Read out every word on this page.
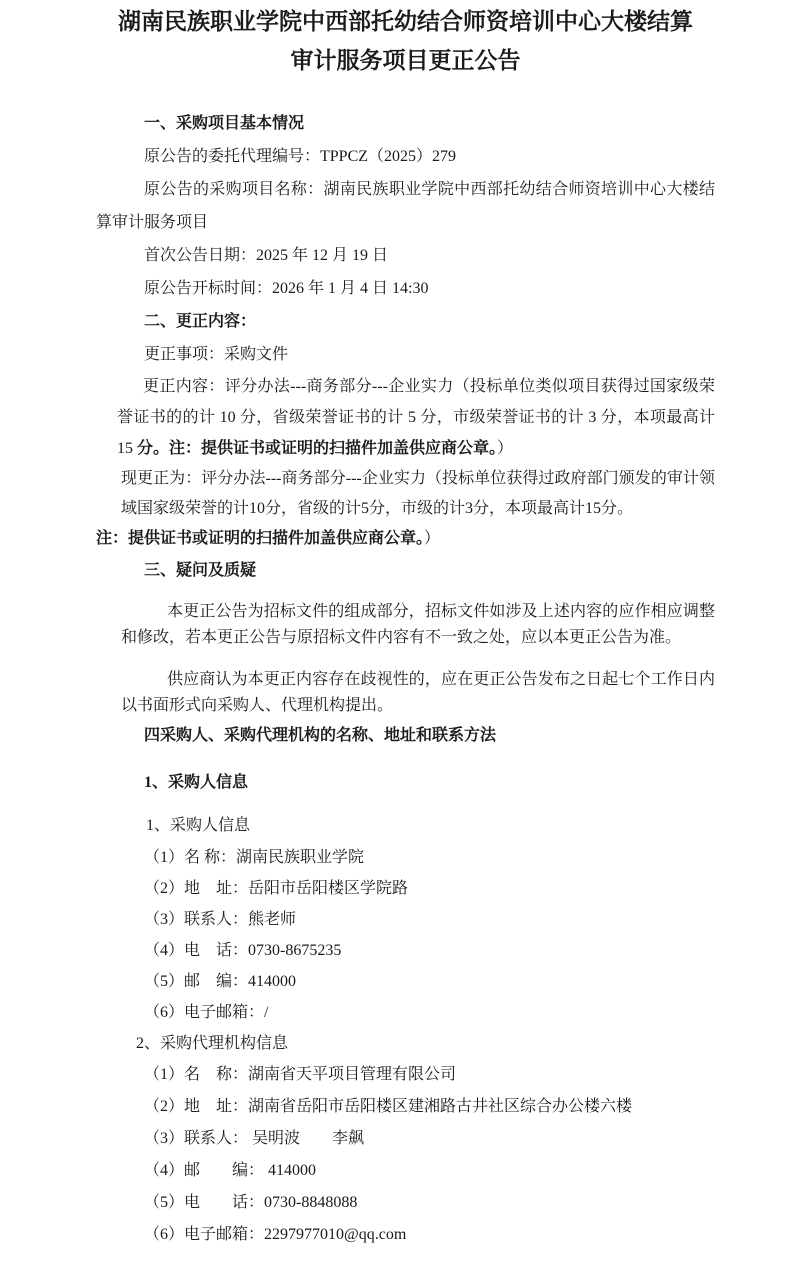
湖南民族职业学院中西部托幼结合师资培训中心大楼结算
审计服务项目更正公告

一、采购项目基本情况

原公告的委托代理编号：TPPCZ（2025）279

原公告的采购项目名称：湖南民族职业学院中西部托幼结合师资培训中心大楼结算审计服务项目

首次公告日期：2025 年 12 月 19 日

原公告开标时间：2026 年 1 月 4 日 14:30

二、更正内容：

更正事项：采购文件

更正内容：评分办法---商务部分---企业实力（投标单位类似项目获得过国家级荣誉证书的的计 10 分，省级荣誉证书的计 5 分，市级荣誉证书的计 3 分，本项最高计 15 分。注：提供证书或证明的扫描件加盖供应商公章。）

现更正为：评分办法---商务部分---企业实力（投标单位获得过政府部门颁发的审计领域国家级荣誉的计10分，省级的计5分，市级的计3分，本项最高计15分。

注：提供证书或证明的扫描件加盖供应商公章。）

三、疑问及质疑

本更正公告为招标文件的组成部分，招标文件如涉及上述内容的应作相应调整和修改，若本更正公告与原招标文件内容有不一致之处，应以本更正公告为准。

供应商认为本更正内容存在歧视性的，应在更正公告发布之日起七个工作日内以书面形式向采购人、代理机构提出。

四采购人、采购代理机构的名称、地址和联系方法

1、采购人信息

1、采购人信息

（1）名 称：湖南民族职业学院

（2）地　址：岳阳市岳阳楼区学院路

（3）联系人：熊老师

（4）电　话：0730-8675235

（5）邮　编：414000

（6）电子邮箱：/

2、采购代理机构信息

（1）名　称：湖南省天平项目管理有限公司

（2）地　址：湖南省岳阳市岳阳楼区建湘路古井社区综合办公楼六楼

（3）联系人： 吴明波　　李飙

（4）邮　　编： 414000

（5）电　　话：0730-8848088

（6）电子邮箱：2297977010@qq.com
